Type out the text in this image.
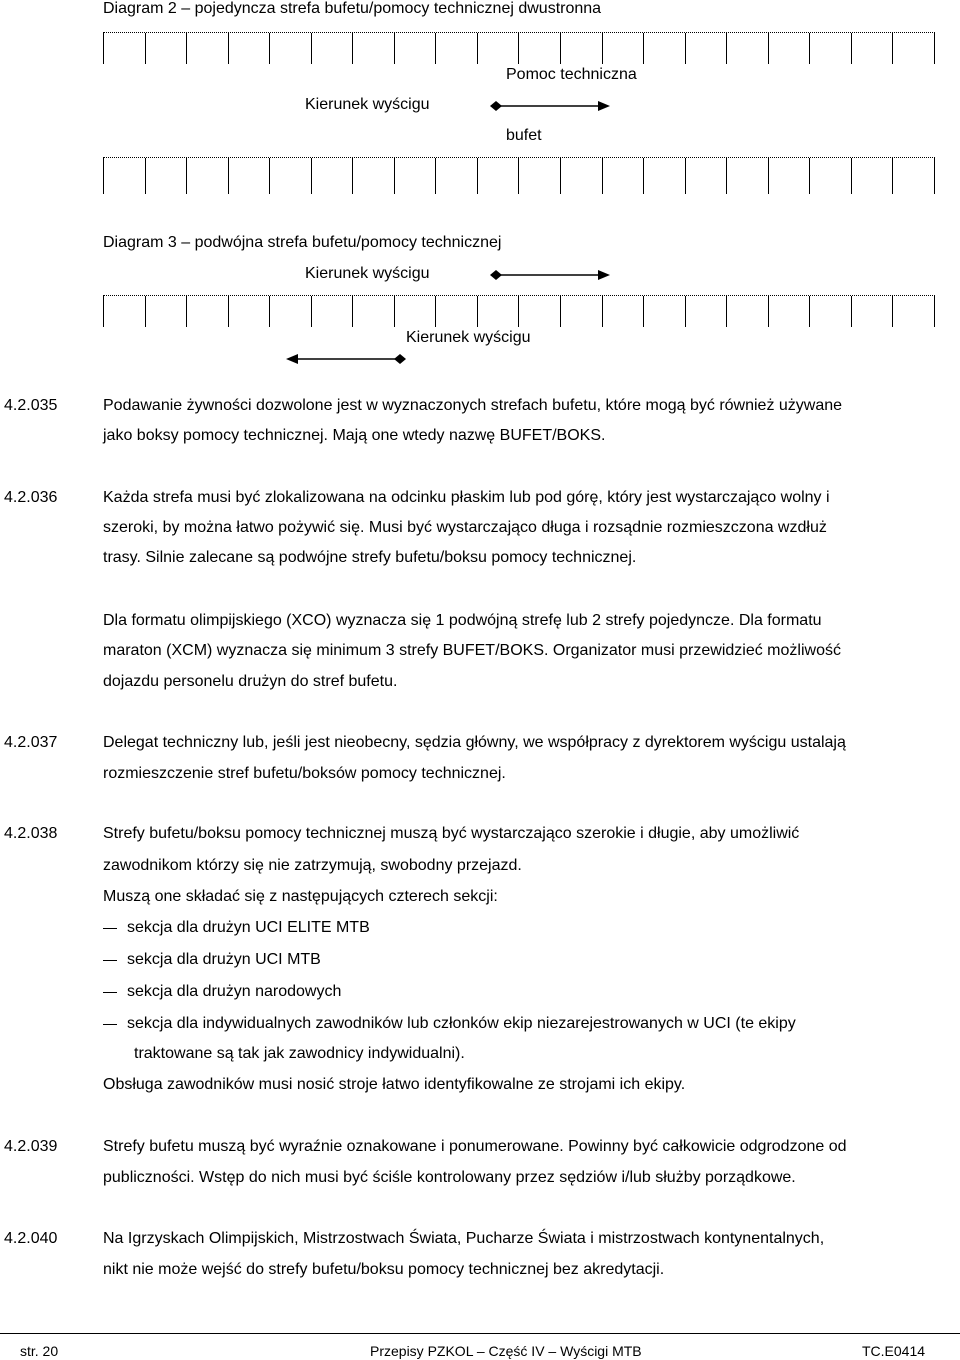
Diagram 2 – pojedyncza strefa bufetu/pomocy technicznej dwustronna
Pomoc techniczna
Kierunek wyścigu
bufet
Diagram 3 – podwójna strefa bufetu/pomocy technicznej
Kierunek wyścigu
Kierunek wyścigu
4.2.035	Podawanie żywności dozwolone jest w wyznaczonych strefach bufetu, które mogą być również używane
jako boksy pomocy technicznej. Mają one wtedy nazwę BUFET/BOKS.
4.2.036	Każda strefa musi być zlokalizowana na odcinku płaskim lub pod górę, który jest wystarczająco wolny i
szeroki, by można łatwo pożywić się. Musi być wystarczająco długa i rozsądnie rozmieszczona wzdłuż
trasy. Silnie zalecane są podwójne strefy bufetu/boksu pomocy technicznej.
Dla formatu olimpijskiego (XCO) wyznacza się 1 podwójną strefę lub 2 strefy pojedyncze. Dla formatu
maraton (XCM) wyznacza się minimum 3 strefy BUFET/BOKS. Organizator musi przewidzieć możliwość
dojazdu personelu drużyn do stref bufetu.
4.2.037	Delegat techniczny lub, jeśli jest nieobecny, sędzia główny, we współpracy z dyrektorem wyścigu ustalają
rozmieszczenie stref bufetu/boksów pomocy technicznej.
4.2.038	Strefy bufetu/boksu pomocy technicznej muszą być wystarczająco szerokie i długie, aby umożliwić
zawodnikom którzy się nie zatrzymują, swobodny przejazd.
Muszą one składać się z następujących czterech sekcji:
sekcja dla drużyn UCI ELITE MTB
sekcja dla drużyn UCI MTB
sekcja dla drużyn narodowych
sekcja dla indywidualnych zawodników lub członków ekip niezarejestrowanych w UCI (te ekipy
traktowane są tak jak zawodnicy indywidualni).
Obsługa zawodników musi nosić stroje łatwo identyfikowalne ze strojami ich ekipy.
4.2.039	Strefy bufetu muszą być wyraźnie oznakowane i ponumerowane. Powinny być całkowicie odgrodzone od
publiczności. Wstęp do nich musi być ściśle kontrolowany przez sędziów i/lub służby porządkowe.
4.2.040	Na Igrzyskach Olimpijskich, Mistrzostwach Świata, Pucharze Świata i mistrzostwach kontynentalnych,
nikt nie może wejść do strefy bufetu/boksu pomocy technicznej bez akredytacji.
str. 20	Przepisy PZKOL – Część IV – Wyścigi MTB	TC.E0414
